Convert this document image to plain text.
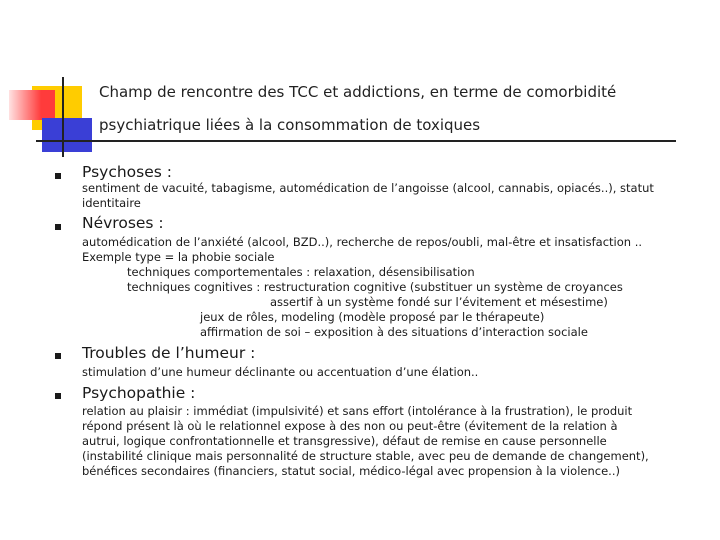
Champ de rencontre des TCC et addictions, en terme de comorbidité
psychiatrique liées à la consommation de toxiques
Psychoses :
sentiment de vacuité, tabagisme, automédication de l’angoisse (alcool, cannabis, opiacés..), statut
identitaire
Névroses :
automédication de l’anxiété (alcool, BZD..), recherche de repos/oubli, mal-être et insatisfaction ..
Exemple type = la phobie sociale
techniques comportementales : relaxation, désensibilisation
techniques cognitives : restructuration cognitive (substituer un système de croyances
assertif à un système fondé sur l’évitement et mésestime)
jeux de rôles, modeling (modèle proposé par le thérapeute)
affirmation de soi – exposition à des situations d’interaction sociale
Troubles de l’humeur :
stimulation d’une humeur déclinante ou accentuation d’une élation..
Psychopathie :
relation au plaisir : immédiat (impulsivité) et sans effort (intolérance à la frustration), le produit
répond présent là où le relationnel expose à des non ou peut-être (évitement de la relation à
autrui, logique confrontationnelle et transgressive), défaut de remise en cause personnelle
(instabilité clinique mais personnalité de structure stable, avec peu de demande de changement),
bénéfices secondaires (financiers, statut social, médico-légal avec propension à la violence..)
